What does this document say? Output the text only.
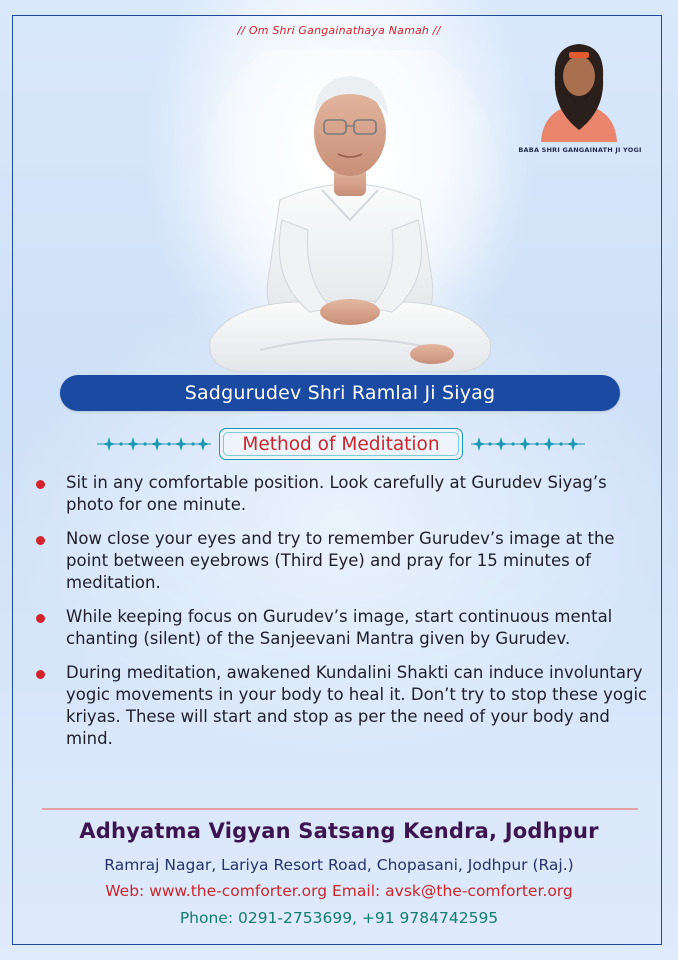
// Om Shri Gangainathaya Namah //
BABA SHRI GANGAINATH JI YOGI
Sadgurudev Shri Ramlal Ji Siyag
Method of Meditation
Sit in any comfortable position. Look carefully at Gurudev Siyag’s photo for one minute.
Now close your eyes and try to remember Gurudev’s image at the point between eyebrows (Third Eye) and pray for 15 minutes of meditation.
While keeping focus on Gurudev’s image, start continuous mental chanting (silent) of the Sanjeevani Mantra given by Gurudev.
During meditation, awakened Kundalini Shakti can induce involuntary yogic movements in your body to heal it. Don’t try to stop these yogic kriyas. These will start and stop as per the need of your body and mind.
Adhyatma Vigyan Satsang Kendra, Jodhpur
Ramraj Nagar, Lariya Resort Road, Chopasani, Jodhpur (Raj.)
Web: www.the-comforter.org Email: avsk@the-comforter.org
Phone: 0291-2753699, +91 9784742595
